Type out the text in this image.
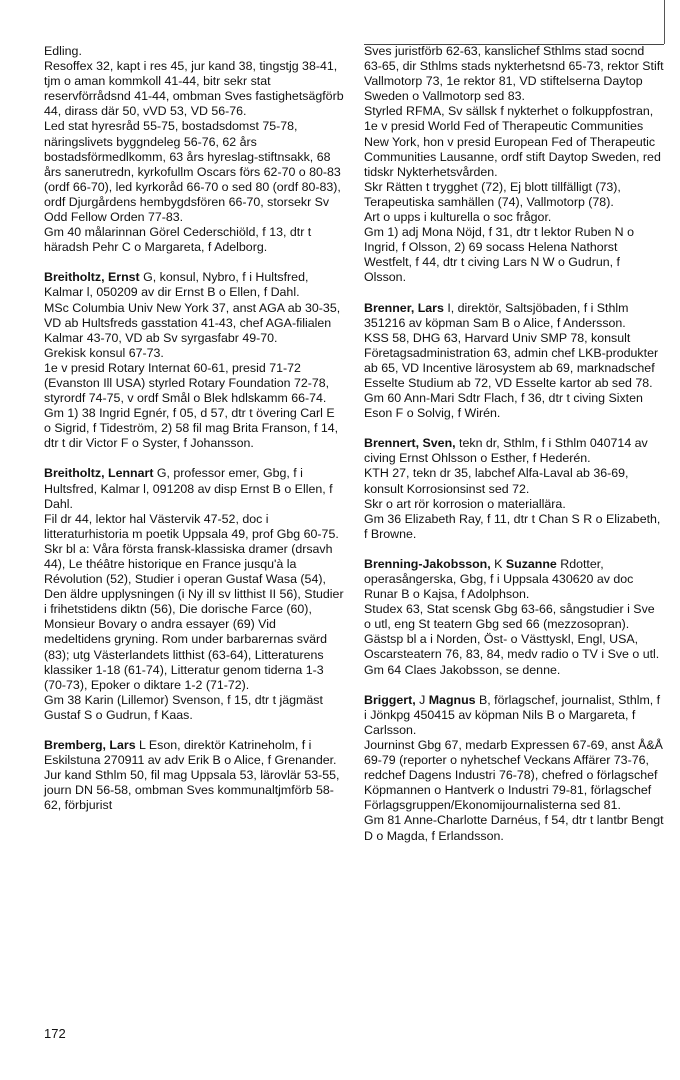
Edling.

Resoffex 32, kapt i res 45, jur kand 38, tingstjg 38-41, tjm o aman kommkoll 41-44, bitr sekr stat reservförrådsnd 41-44, ombman Sves fastighetsägförb 44, dirass där 50, vVD 53, VD 56-76.

Led stat hyresråd 55-75, bostadsdomst 75-78, näringslivets byggndeleg 56-76, 62 års bostadsförmedlkomm, 63 års hyreslag-stiftnsakk, 68 års sanerutredn, kyrkofullm Oscars förs 62-70 o 80-83 (ordf 66-70), led kyrkoråd 66-70 o sed 80 (ordf 80-83), ordf Djurgårdens hembygdsfören 66-70, storsekr Sv Odd Fellow Orden 77-83.

Gm 40 målarinnan Görel Cederschiöld, f 13, dtr t häradsh Pehr C o Margareta, f Adelborg.

Breitholtz, Ernst G, konsul, Nybro, f i Hultsfred, Kalmar l, 050209 av dir Ernst B o Ellen, f Dahl.

MSc Columbia Univ New York 37, anst AGA ab 30-35, VD ab Hultsfreds gasstation 41-43, chef AGA-filialen Kalmar 43-70, VD ab Sv syrgasfabr 49-70.

Grekisk konsul 67-73.

1e v presid Rotary Internat 60-61, presid 71-72 (Evanston Ill USA) styrled Rotary Foundation 72-78, styrordf 74-75, v ordf Smål o Blek hdlskamm 66-74.

Gm 1) 38 Ingrid Egnér, f 05, d 57, dtr t övering Carl E o Sigrid, f Tideström, 2) 58 fil mag Brita Franson, f 14, dtr t dir Victor F o Syster, f Johansson.

Breitholtz, Lennart G, professor emer, Gbg, f i Hultsfred, Kalmar l, 091208 av disp Ernst B o Ellen, f Dahl.

Fil dr 44, lektor hal Västervik 47-52, doc i litteraturhistoria m poetik Uppsala 49, prof Gbg 60-75.

Skr bl a: Våra första fransk-klassiska dramer (drsavh 44), Le théâtre historique en France jusqu'à la Révolution (52), Studier i operan Gustaf Wasa (54), Den äldre upplysningen (i Ny ill sv litthist II 56), Studier i frihetstidens diktn (56), Die dorische Farce (60), Monsieur Bovary o andra essayer (69) Vid medeltidens gryning. Rom under barbarernas svärd (83); utg Västerlandets litthist (63-64), Litteraturens klassiker 1-18 (61-74), Litteratur genom tiderna 1-3 (70-73), Epoker o diktare 1-2 (71-72).

Gm 38 Karin (Lillemor) Svenson, f 15, dtr t jägmäst Gustaf S o Gudrun, f Kaas.

Bremberg, Lars L Eson, direktör Katrineholm, f i Eskilstuna 270911 av adv Erik B o Alice, f Grenander.

Jur kand Sthlm 50, fil mag Uppsala 53, lärovlär 53-55, journ DN 56-58, ombman Sves kommunaltjmförb 58-62, förbjurist

Sves juristförb 62-63, kanslichef Sthlms stad socnd 63-65, dir Sthlms stads nykterhetsnd 65-73, rektor Stift Vallmotorp 73, 1e rektor 81, VD stiftelserna Daytop Sweden o Vallmotorp sed 83.

Styrled RFMA, Sv sällsk f nykterhet o folkuppfostran, 1e v presid World Fed of Therapeutic Communities New York, hon v presid European Fed of Therapeutic Communities Lausanne, ordf stift Daytop Sweden, red tidskr Nykterhetsvården.

Skr Rätten t trygghet (72), Ej blott tillfälligt (73), Terapeutiska samhällen (74), Vallmotorp (78).

Art o upps i kulturella o soc frågor.

Gm 1) adj Mona Nöjd, f 31, dtr t lektor Ruben N o Ingrid, f Olsson, 2) 69 socass Helena Nathorst Westfelt, f 44, dtr t civing Lars N W o Gudrun, f Olsson.

Brenner, Lars I, direktör, Saltsjöbaden, f i Sthlm 351216 av köpman Sam B o Alice, f Andersson.

KSS 58, DHG 63, Harvard Univ SMP 78, konsult Företagsadministration 63, admin chef LKB-produkter ab 65, VD Incentive lärosystem ab 69, marknadschef Esselte Studium ab 72, VD Esselte kartor ab sed 78.

Gm 60 Ann-Mari Sdtr Flach, f 36, dtr t civing Sixten Eson F o Solvig, f Wirén.

Brennert, Sven, tekn dr, Sthlm, f i Sthlm 040714 av civing Ernst Ohlsson o Esther, f Hederén.

KTH 27, tekn dr 35, labchef Alfa-Laval ab 36-69, konsult Korrosionsinst sed 72.

Skr o art rör korrosion o materiallära.

Gm 36 Elizabeth Ray, f 11, dtr t Chan S R o Elizabeth, f Browne.

Brenning-Jakobsson, K Suzanne Rdotter, operasångerska, Gbg, f i Uppsala 430620 av doc Runar B o Kajsa, f Adolphson.

Studex 63, Stat scensk Gbg 63-66, sångstudier i Sve o utl, eng St teatern Gbg sed 66 (mezzosopran).

Gästsp bl a i Norden, Öst- o Västtyskl, Engl, USA, Oscarsteatern 76, 83, 84, medv radio o TV i Sve o utl.

Gm 64 Claes Jakobsson, se denne.

Briggert, J Magnus B, förlagschef, journalist, Sthlm, f i Jönkpg 450415 av köpman Nils B o Margareta, f Carlsson.

Journinst Gbg 67, medarb Expressen 67-69, anst Å&Å 69-79 (reporter o nyhetschef Veckans Affärer 73-76, redchef Dagens Industri 76-78), chefred o förlagschef Köpmannen o Hantverk o Industri 79-81, förlagschef Förlagsgruppen/Ekonomijournalisterna sed 81.

Gm 81 Anne-Charlotte Darnéus, f 54, dtr t lantbr Bengt D o Magda, f Erlandsson.

172
